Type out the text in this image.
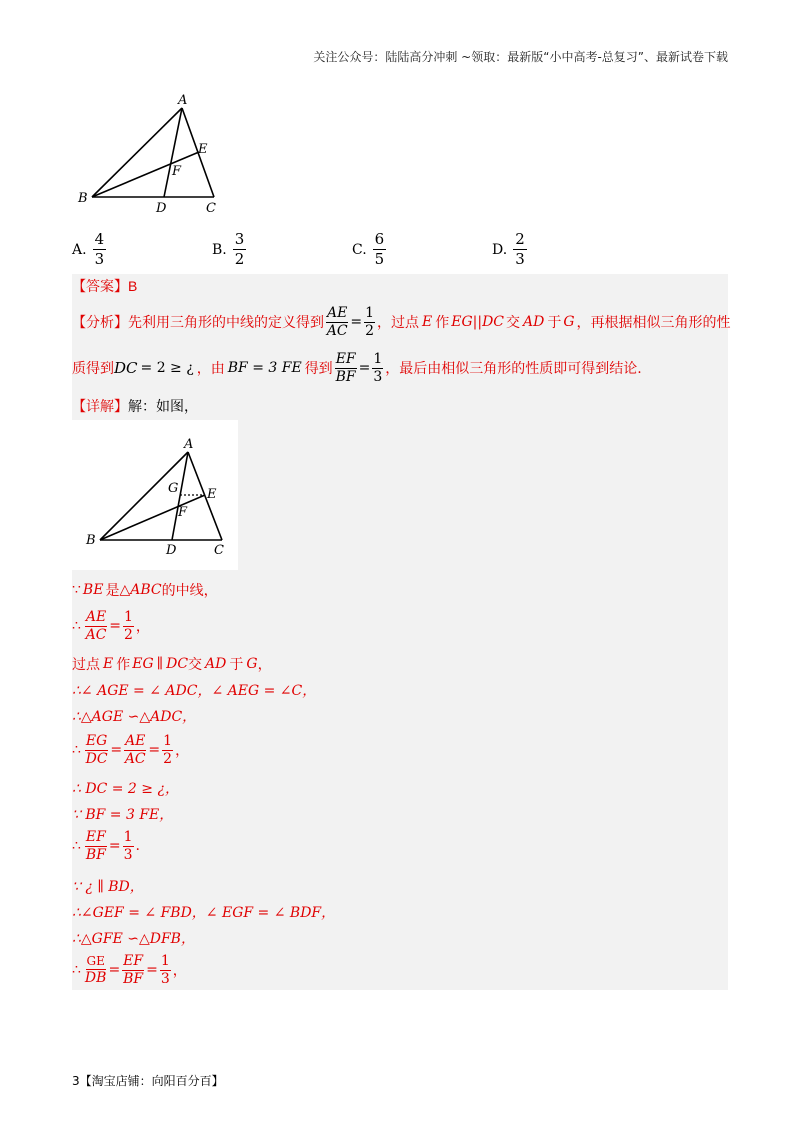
关注公众号：陆陆高分冲刺 ~领取：最新版“小中高考-总复习”、最新试卷下载
A
E
F
B
D	C
A. $\frac{4}{3}$	B. $\frac{3}{2}$	C. $\frac{6}{5}$	D. $\frac{2}{3}$
【答案】 B
【分析】 先利用三角形的中线的定义得到 $\frac{AE}{AC} = \frac{1}{2}$ ，过点 E 作 EG||DC 交 AD 于 G ，再根据相似三角形的性
质得到 DC = 2 ≥ ¿ ，由 BF = 3 FE 得到 $\frac{EF}{BF} = \frac{1}{3}$ ，最后由相似三角形的性质即可得到结论.
【详解】 解：如图，
A
G E
F
B
D	C
∵ BE 是 △ABC 的中线，
∴ $\frac{AE}{AC} = \frac{1}{2}$ ，
过点 E 作 EG ∥ DC 交 AD 于 G ，
∴∠ AGE = ∠ ADC，∠ AEG = ∠C，
∴△AGE ∽△ADC，
∴ $\frac{EG}{DC} = \frac{AE}{AC} = \frac{1}{2}$ ，
∴ DC = 2 ≥ ¿，
∵ BF = 3 FE，
∴ $\frac{EF}{BF} = \frac{1}{3}$ .
∵ ¿ ∥ BD，
∴∠GEF = ∠ FBD，∠ EGF = ∠ BDF，
∴△GFE ∽△DFB，
∴ $\frac{GE}{DB} = \frac{EF}{BF} = \frac{1}{3}$ ，
3【淘宝店铺：向阳百分百】
